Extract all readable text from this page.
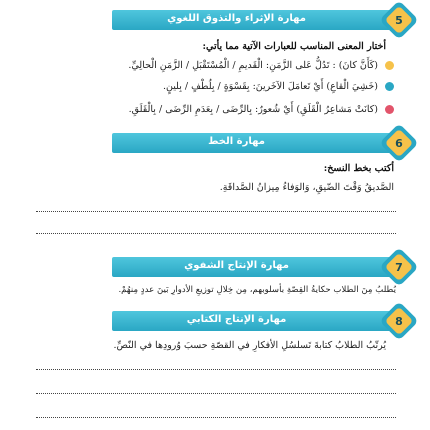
مهارة الإثراء والتذوق اللغوي	5
أختار المعنى المناسب للعبارات الآتية مما يأتي:
(كَأَنَّ كانَ) : تَدُلُّ عَلى الزَّمَنِ: الْقَديمِ / الْمُسْتَقْبَلِ / الزَّمَنِ الْحالِيِّ.
(خَشِيَ الْقاعِ) أَيْ تَعامَلَ الآخَرينَ: بِقَسْوَةٍ / بِلُطْفٍ / بِلينٍ.
(كانَتْ مَشاعِرُ الْقَلَقِ) أَيْ شُعورٌ: بِالرِّضَى / بِعَدَمِ الرِّضَى / بِالْقَلَقِ.
مهارة الخط	6
أكتب بخط النسخ:
الصَّديقُ وَقْتَ الضّيقِ، وَالوَفاءُ مِيزانُ الصَّداقَةِ.
مهارة الإنتاج الشفوي	7
يُطلبُ مِنَ الطلاب حكايةُ القِصّةِ بأسلوبهم، مِن خِلالِ توزيعِ الأدوارِ بَينَ عددٍ مِنهُمْ.
مهارة الإنتاج الكتابي	8
يُرتّبُ الطلابُ كتابةَ تَسلسُلِ الأفكارِ في القصّةِ حسبَ وُرودِها في النّصِّ.
